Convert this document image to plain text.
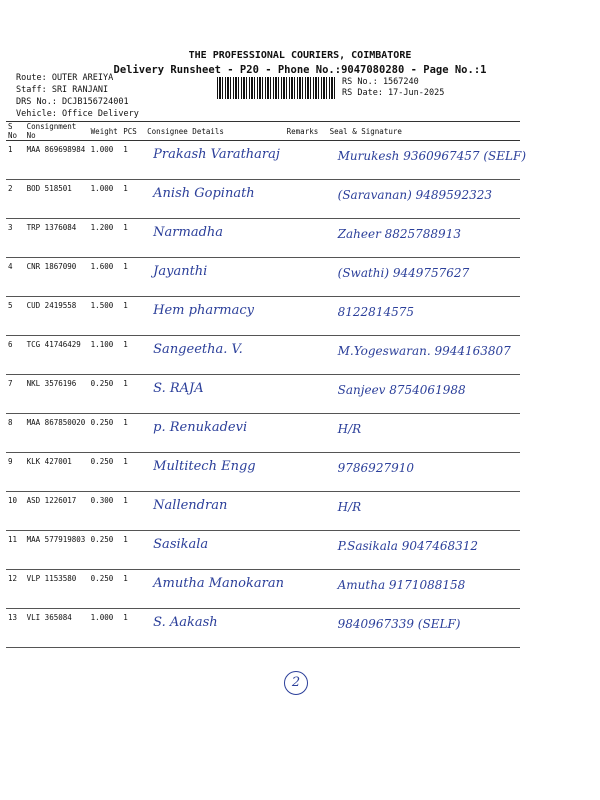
THE PROFESSIONAL COURIERS, COIMBATORE
Delivery Runsheet - P20 - Phone No.:9047080280 - Page No.:1
Route: OUTER AREIYA
Staff: SRI RANJANI
DRS No.: DCJB156724001
Vehicle: Office Delivery
RS No.: 1567240
RS Date: 17-Jun-2025
S No	Consignment No	Weight	PCS	Consignee Details	Remarks	Seal & Signature
1	MAA 869698984	1.000	1	Prakash Varatharaj		Murukesh 9360967457 (SELF)
2	BOD 518501	1.000	1	Anish Gopinath		(Saravanan) 9489592323
3	TRP 1376084	1.200	1	Narmadha		Zaheer 8825788913
4	CNR 1867090	1.600	1	Jayanthi		(Swathi) 9449757627
5	CUD 2419558	1.500	1	Hem pharmacy		8122814575
6	TCG 41746429	1.100	1	Sangeetha. V.		M.Yogeswaran. 9944163807
7	NKL 3576196	0.250	1	S. RAJA		Sanjeev 8754061988
8	MAA 867850020	0.250	1	p. Renukadevi		H/R
9	KLK 427001	0.250	1	Multitech Engg		9786927910
10	ASD 1226017	0.300	1	Nallendran		H/R
11	MAA 577919803	0.250	1	Sasikala		P.Sasikala 9047468312
12	VLP 1153580	0.250	1	Amutha Manokaran		Amutha 9171088158
13	VLI 365084	1.000	1	S. Aakash		9840967339 (SELF)
2
